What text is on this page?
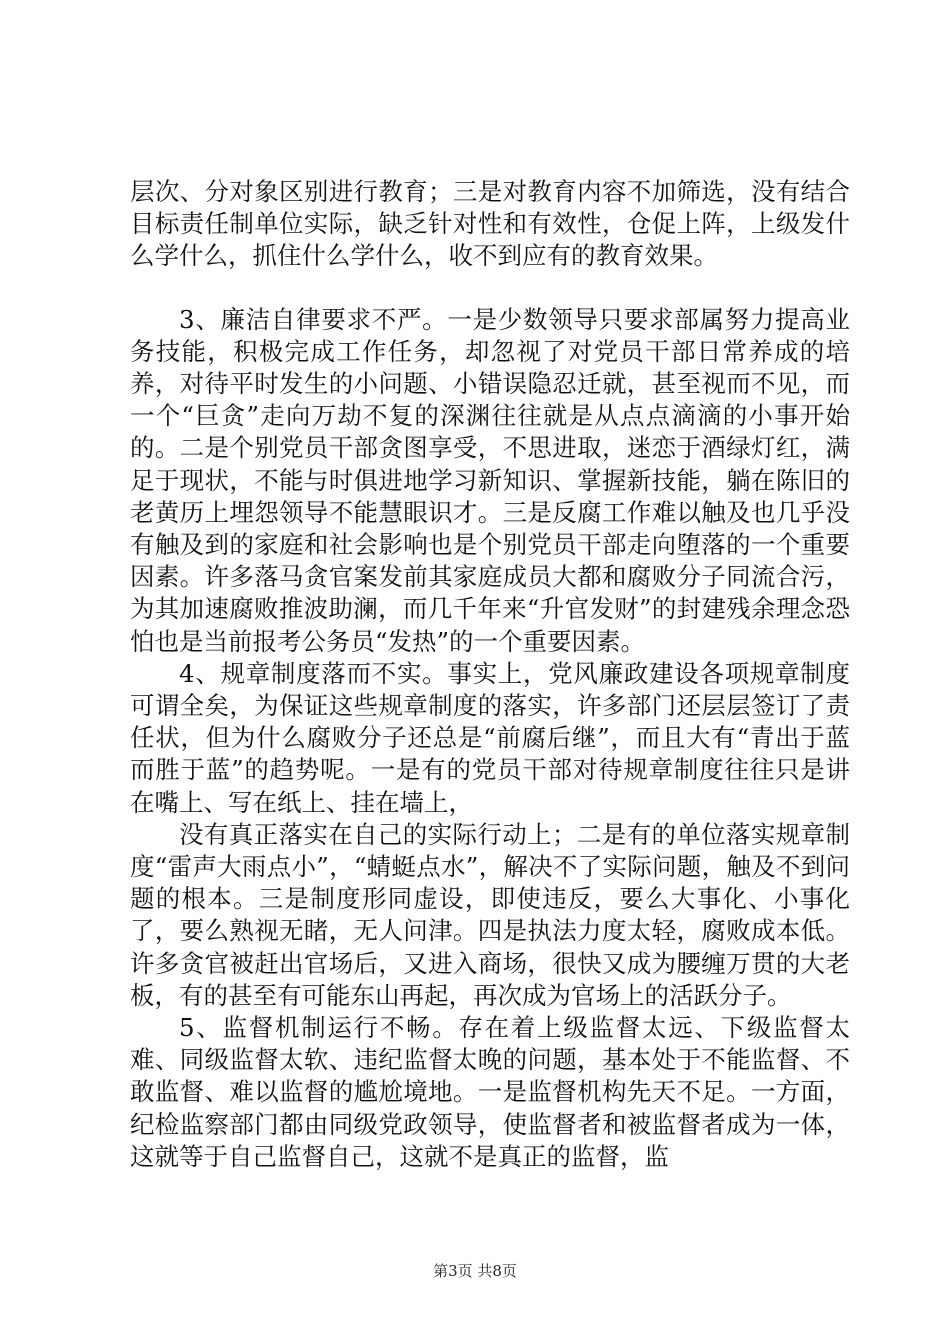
层次、分对象区别进行教育；三是对教育内容不加筛选，没有结合目标责任制单位实际，缺乏针对性和有效性，仓促上阵，上级发什么学什么，抓住什么学什么，收不到应有的教育效果。

3、廉洁自律要求不严。一是少数领导只要求部属努力提高业务技能，积极完成工作任务，却忽视了对党员干部日常养成的培养，对待平时发生的小问题、小错误隐忍迁就，甚至视而不见，而一个“巨贪”走向万劫不复的深渊往往就是从点点滴滴的小事开始的。二是个别党员干部贪图享受，不思进取，迷恋于酒绿灯红，满足于现状，不能与时俱进地学习新知识、掌握新技能，躺在陈旧的老黄历上埋怨领导不能慧眼识才。三是反腐工作难以触及也几乎没有触及到的家庭和社会影响也是个别党员干部走向堕落的一个重要因素。许多落马贪官案发前其家庭成员大都和腐败分子同流合污，为其加速腐败推波助澜，而几千年来“升官发财”的封建残余理念恐怕也是当前报考公务员“发热”的一个重要因素。

4、规章制度落而不实。事实上，党风廉政建设各项规章制度可谓全矣，为保证这些规章制度的落实，许多部门还层层签订了责任状，但为什么腐败分子还总是“前腐后继”，而且大有“青出于蓝而胜于蓝”的趋势呢。一是有的党员干部对待规章制度往往只是讲在嘴上、写在纸上、挂在墙上，

没有真正落实在自己的实际行动上；二是有的单位落实规章制度“雷声大雨点小”，“蜻蜓点水”，解决不了实际问题，触及不到问题的根本。三是制度形同虚设，即使违反，要么大事化、小事化了，要么熟视无睹，无人问津。四是执法力度太轻，腐败成本低。许多贪官被赶出官场后，又进入商场，很快又成为腰缠万贯的大老板，有的甚至有可能东山再起，再次成为官场上的活跃分子。

5、监督机制运行不畅。存在着上级监督太远、下级监督太难、同级监督太软、违纪监督太晚的问题，基本处于不能监督、不敢监督、难以监督的尴尬境地。一是监督机构先天不足。一方面，纪检监察部门都由同级党政领导，使监督者和被监督者成为一体，这就等于自己监督自己，这就不是真正的监督，监

第3页 共8页
